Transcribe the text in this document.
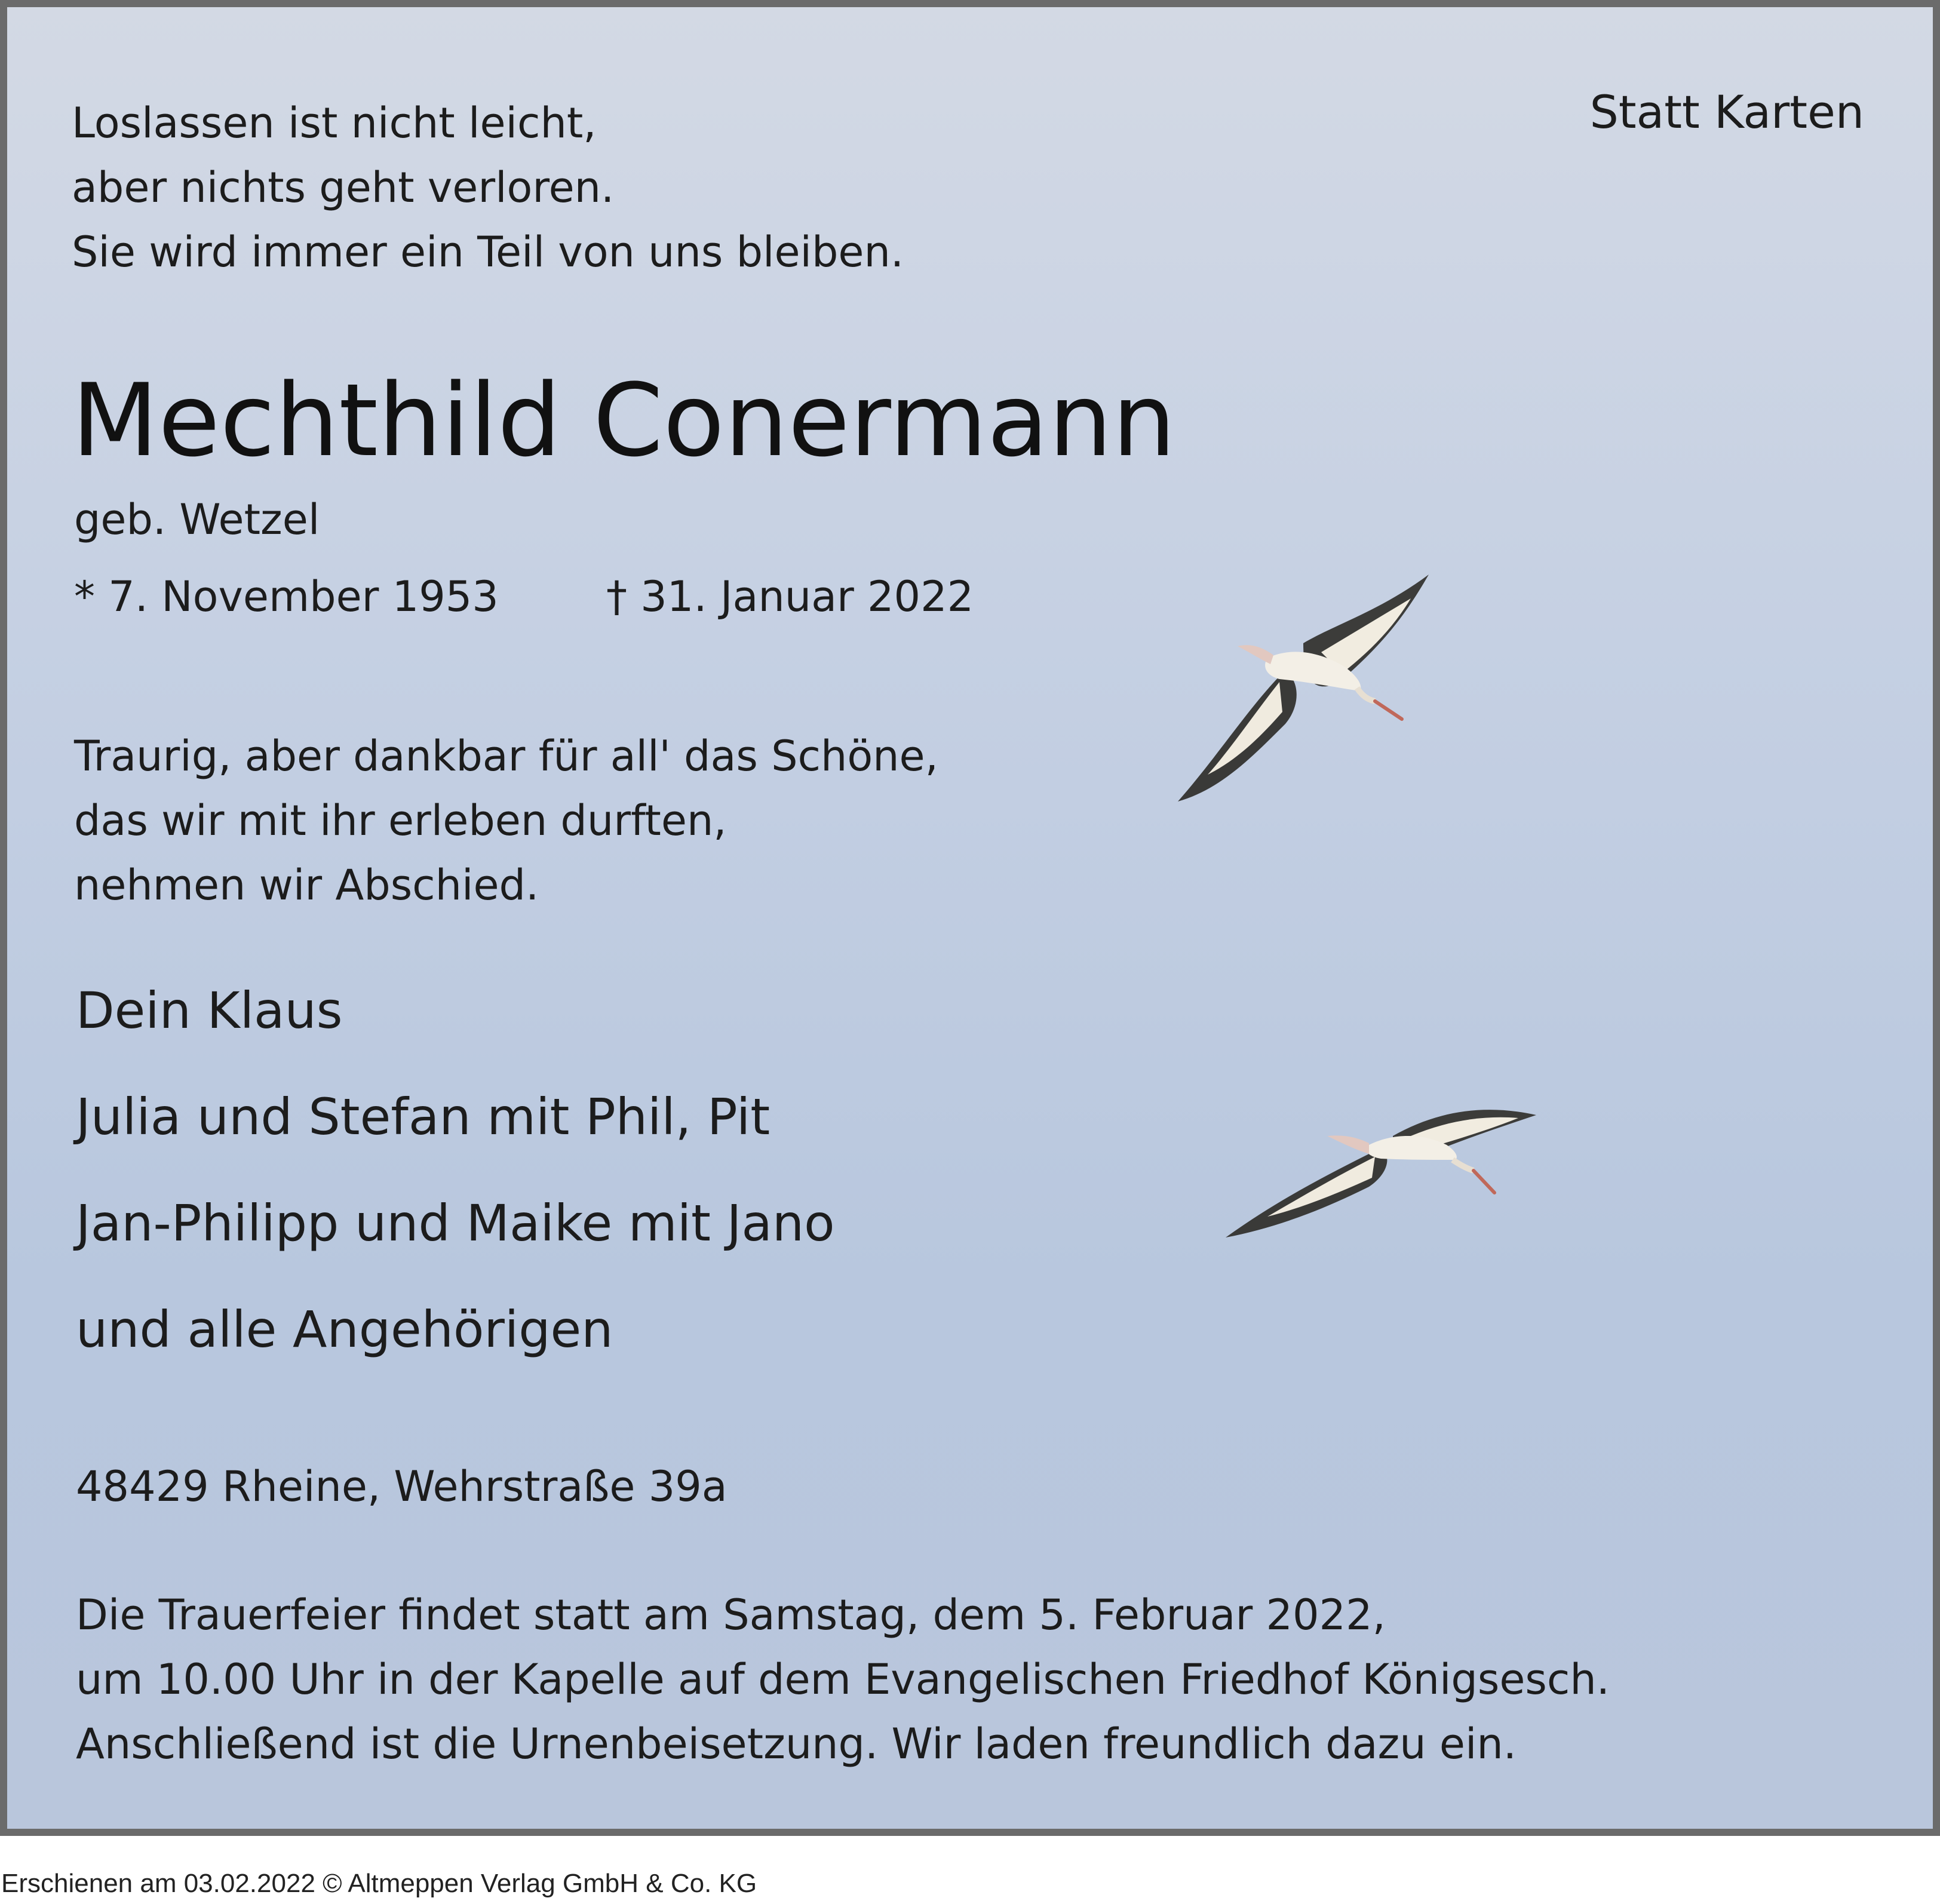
Loslassen ist nicht leicht,
aber nichts geht verloren.
Sie wird immer ein Teil von uns bleiben.
Statt Karten
Mechthild Conermann
geb. Wetzel
* 7. November 1953	† 31. Januar 2022
Traurig, aber dankbar für all' das Schöne,
das wir mit ihr erleben durften,
nehmen wir Abschied.
Dein Klaus
Julia und Stefan mit Phil, Pit
Jan-Philipp und Maike mit Jano
und alle Angehörigen
48429 Rheine, Wehrstraße 39a
Die Trauerfeier findet statt am Samstag, dem 5. Februar 2022,
um 10.00 Uhr in der Kapelle auf dem Evangelischen Friedhof Königsesch.
Anschließend ist die Urnenbeisetzung. Wir laden freundlich dazu ein.
Erschienen am 03.02.2022 © Altmeppen Verlag GmbH & Co. KG
